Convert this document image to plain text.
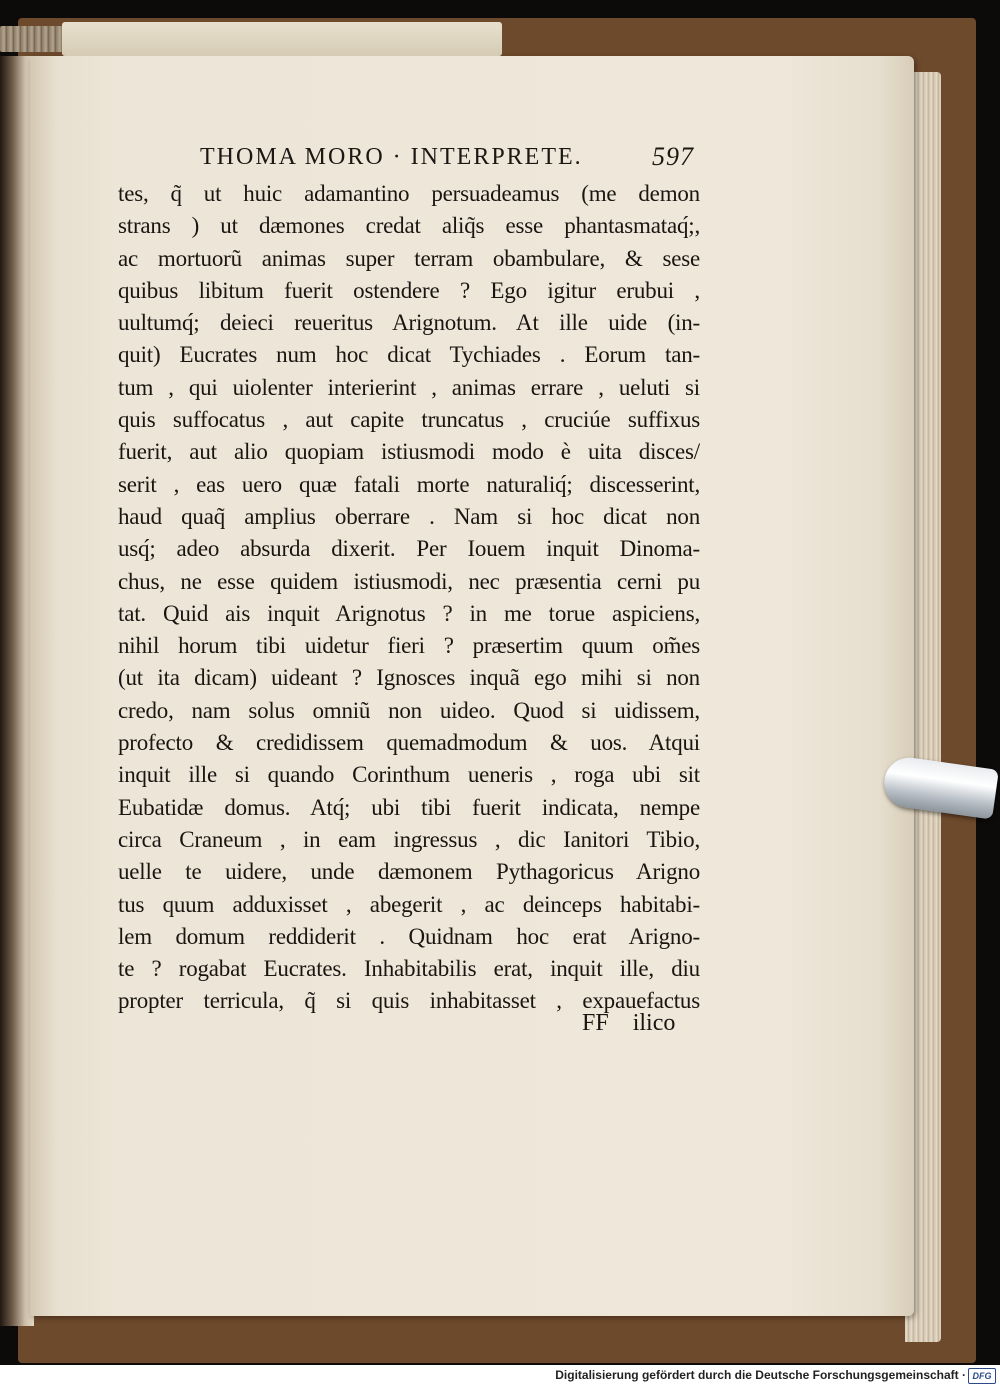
THOMA MORO · INTERPRETE.	597
tes, q̃ ut huic adamantino persuadeamus (me demon
strans ) ut dæmones credat aliq̃s esse phantasmataq́;,
ac mortuorũ animas super terram obambulare, & sese
quibus libitum fuerit ostendere ? Ego igitur erubui ,
uultumq́; deieci reueritus Arignotum. At ille uide (in-
quit) Eucrates num hoc dicat Tychiades . Eorum tan-
tum , qui uiolenter interierint , animas errare , ueluti si
quis suffocatus , aut capite truncatus , cruciúe suffixus
fuerit, aut alio quopiam istiusmodi modo è uita disces/
serit , eas uero quæ fatali morte naturaliq́; discesserint,
haud quaq̃ amplius oberrare . Nam si hoc dicat non
usq́; adeo absurda dixerit. Per Iouem inquit Dinoma-
chus, ne esse quidem istiusmodi, nec præsentia cerni pu
tat. Quid ais inquit Arignotus ? in me torue aspiciens,
nihil horum tibi uidetur fieri ? præsertim quum om̃es
(ut ita dicam) uideant ? Ignosces inquã ego mihi si non
credo, nam solus omniũ non uideo. Quod si uidissem,
profecto & credidissem quemadmodum & uos. Atqui
inquit ille si quando Corinthum ueneris , roga ubi sit
Eubatidæ domus. Atq́; ubi tibi fuerit indicata, nempe
circa Craneum , in eam ingressus , dic Ianitori Tibio,
uelle te uidere, unde dæmonem Pythagoricus Arigno
tus quum adduxisset , abegerit , ac deinceps habitabi-
lem domum reddiderit . Quidnam hoc erat Arigno-
te ? rogabat Eucrates. Inhabitabilis erat, inquit ille, diu
propter terricula, q̃ si quis inhabitasset , expauefactus
FF ilico
Digitalisierung gefördert durch die Deutsche Forschungsgemeinschaft · DFG
